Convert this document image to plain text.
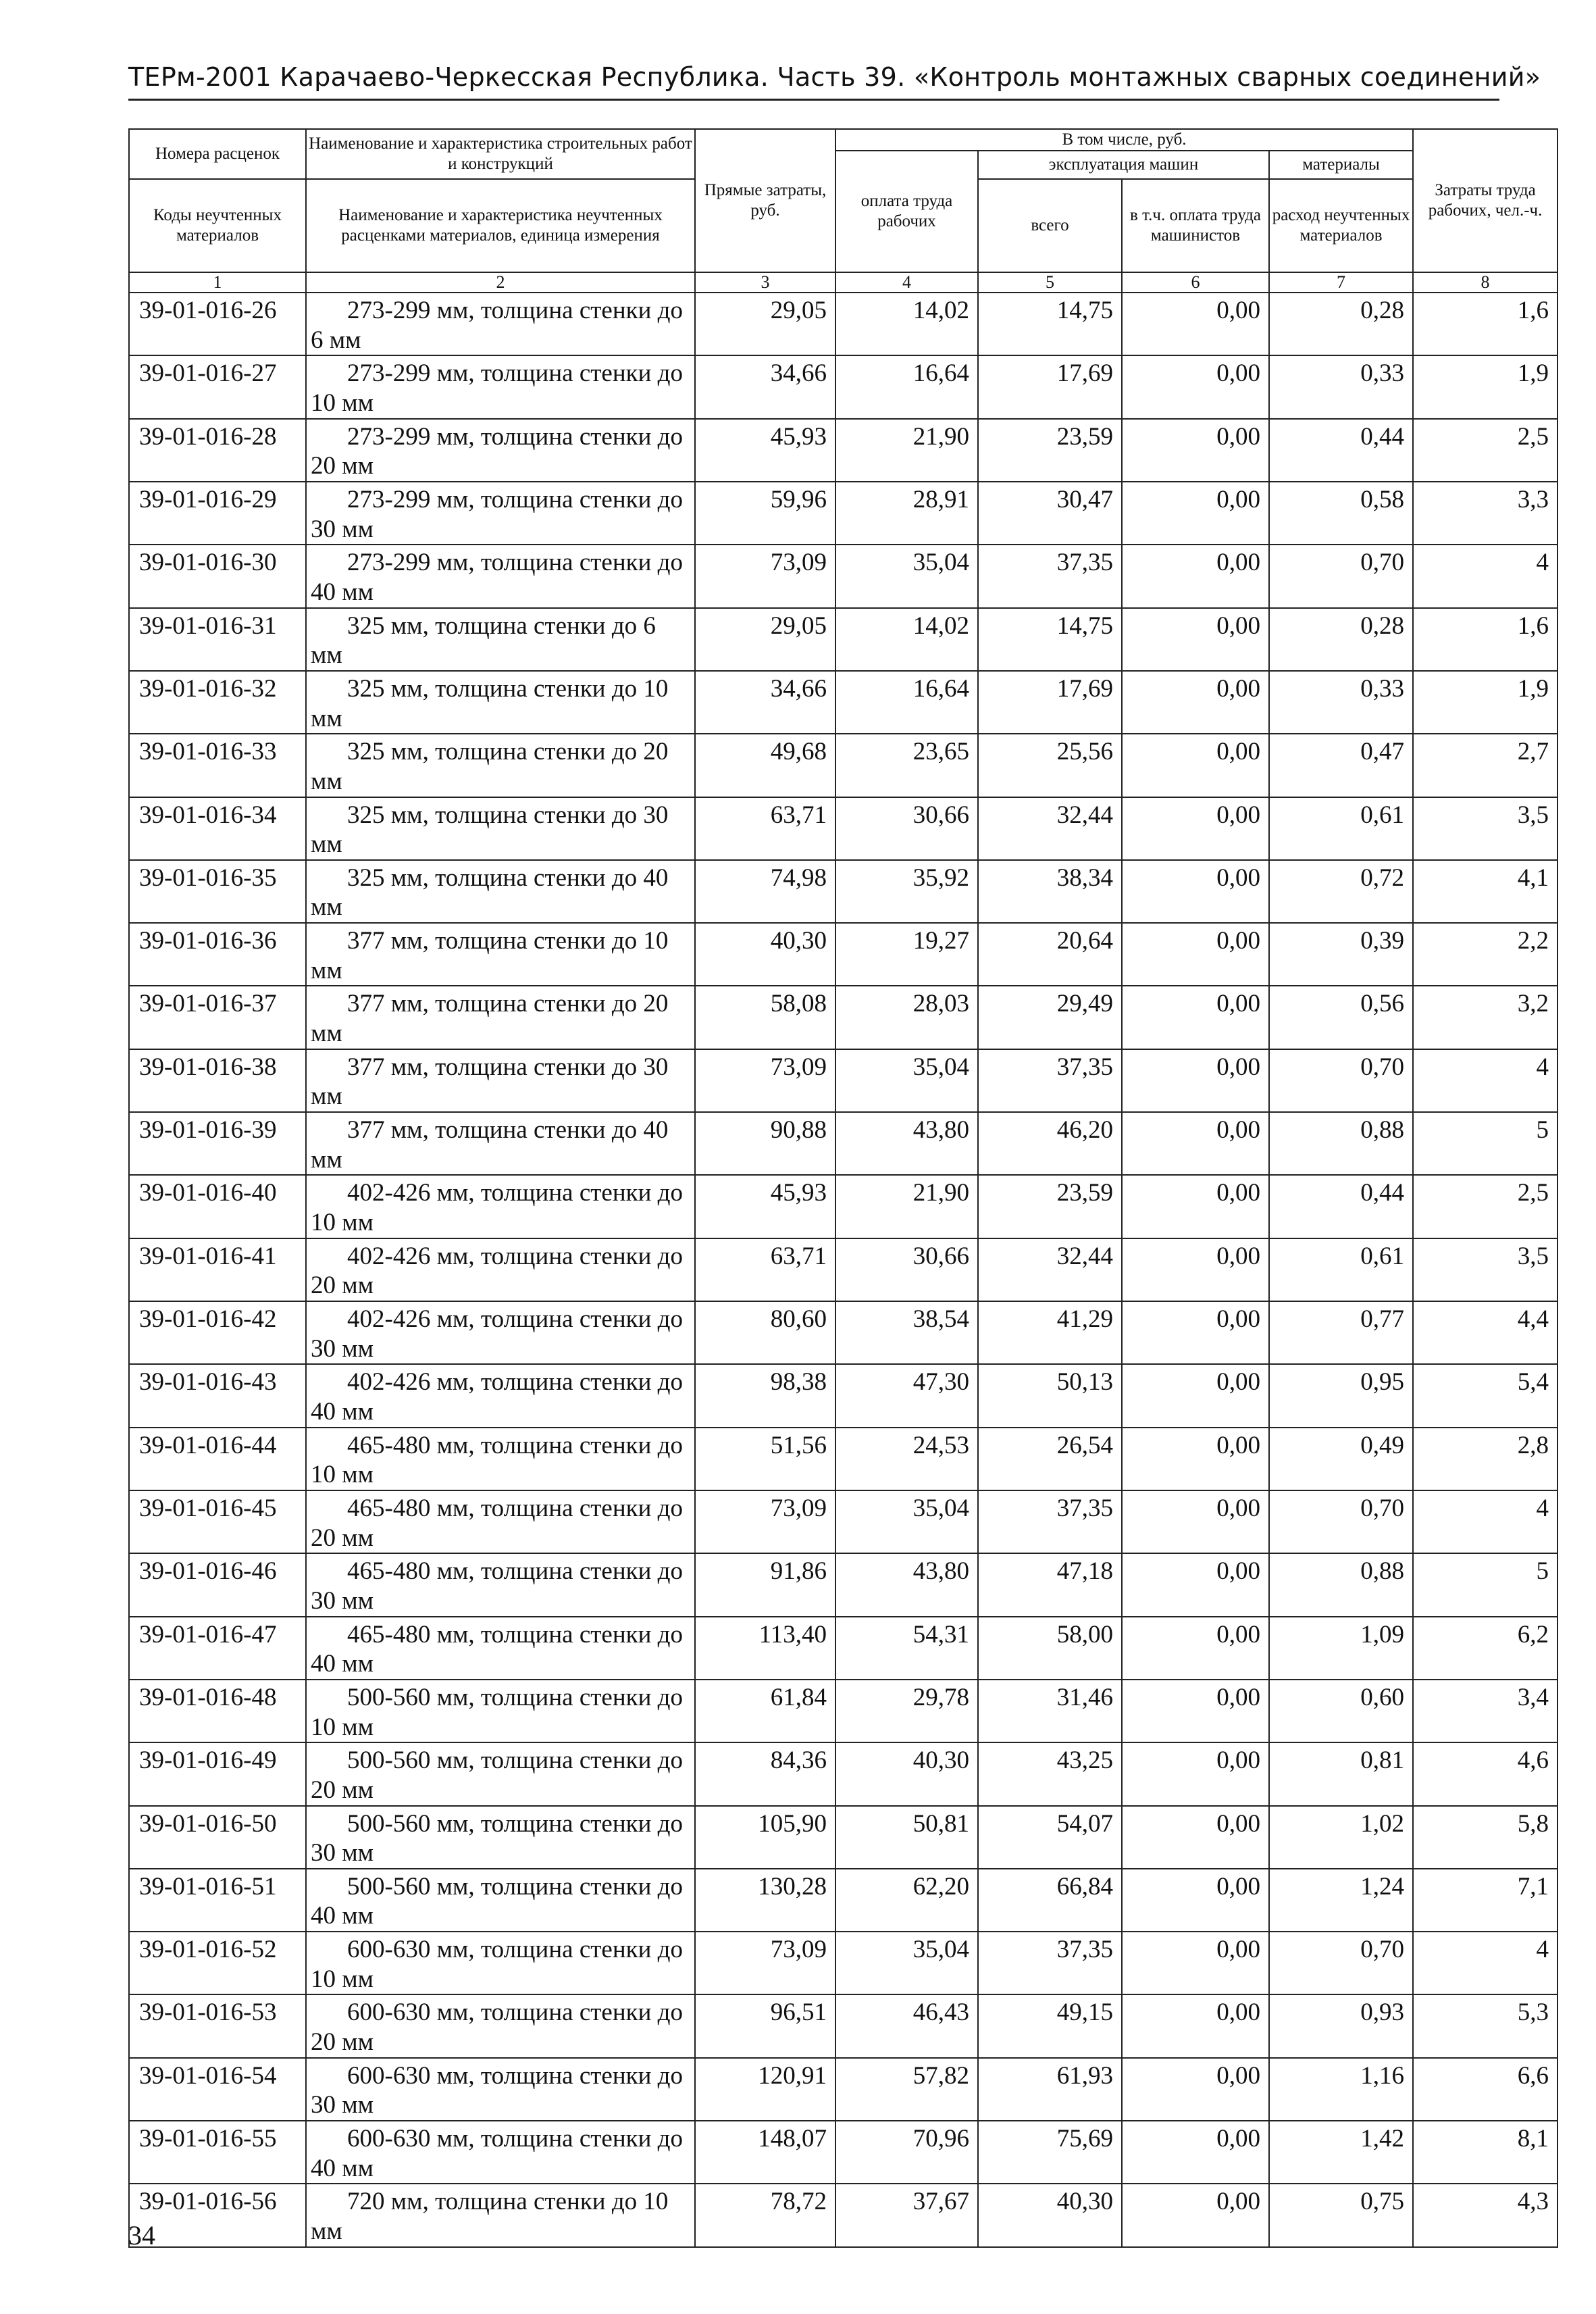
ТЕРм-2001 Карачаево-Черкесская Республика. Часть 39. «Контроль монтажных сварных соединений»
Номера расценок	Наименование и характеристика строительных работ и конструкций	Прямые затраты, руб.	В том числе, руб.				Затраты труда рабочих, чел.-ч.
			оплата труда рабочих	эксплуатация машин		материалы	
Коды неучтенных материалов	Наименование и характеристика неучтенных расценками материалов, единица измерения			всего	в т.ч. оплата труда машинистов	расход неучтенных материалов	

1	2	3	4	5	6	7	8
39-01-016-26	273-299 мм, толщина стенки до 6 мм	29,05	14,02	14,75	0,00	0,28	1,6
39-01-016-27	273-299 мм, толщина стенки до 10 мм	34,66	16,64	17,69	0,00	0,33	1,9
39-01-016-28	273-299 мм, толщина стенки до 20 мм	45,93	21,90	23,59	0,00	0,44	2,5
39-01-016-29	273-299 мм, толщина стенки до 30 мм	59,96	28,91	30,47	0,00	0,58	3,3
39-01-016-30	273-299 мм, толщина стенки до 40 мм	73,09	35,04	37,35	0,00	0,70	4
39-01-016-31	325 мм, толщина стенки до 6 мм	29,05	14,02	14,75	0,00	0,28	1,6
39-01-016-32	325 мм, толщина стенки до 10 мм	34,66	16,64	17,69	0,00	0,33	1,9
39-01-016-33	325 мм, толщина стенки до 20 мм	49,68	23,65	25,56	0,00	0,47	2,7
39-01-016-34	325 мм, толщина стенки до 30 мм	63,71	30,66	32,44	0,00	0,61	3,5
39-01-016-35	325 мм, толщина стенки до 40 мм	74,98	35,92	38,34	0,00	0,72	4,1
39-01-016-36	377 мм, толщина стенки до 10 мм	40,30	19,27	20,64	0,00	0,39	2,2
39-01-016-37	377 мм, толщина стенки до 20 мм	58,08	28,03	29,49	0,00	0,56	3,2
39-01-016-38	377 мм, толщина стенки до 30 мм	73,09	35,04	37,35	0,00	0,70	4
39-01-016-39	377 мм, толщина стенки до 40 мм	90,88	43,80	46,20	0,00	0,88	5
39-01-016-40	402-426 мм, толщина стенки до 10 мм	45,93	21,90	23,59	0,00	0,44	2,5
39-01-016-41	402-426 мм, толщина стенки до 20 мм	63,71	30,66	32,44	0,00	0,61	3,5
39-01-016-42	402-426 мм, толщина стенки до 30 мм	80,60	38,54	41,29	0,00	0,77	4,4
39-01-016-43	402-426 мм, толщина стенки до 40 мм	98,38	47,30	50,13	0,00	0,95	5,4
39-01-016-44	465-480 мм, толщина стенки до 10 мм	51,56	24,53	26,54	0,00	0,49	2,8
39-01-016-45	465-480 мм, толщина стенки до 20 мм	73,09	35,04	37,35	0,00	0,70	4
39-01-016-46	465-480 мм, толщина стенки до 30 мм	91,86	43,80	47,18	0,00	0,88	5
39-01-016-47	465-480 мм, толщина стенки до 40 мм	113,40	54,31	58,00	0,00	1,09	6,2
39-01-016-48	500-560 мм, толщина стенки до 10 мм	61,84	29,78	31,46	0,00	0,60	3,4
39-01-016-49	500-560 мм, толщина стенки до 20 мм	84,36	40,30	43,25	0,00	0,81	4,6
39-01-016-50	500-560 мм, толщина стенки до 30 мм	105,90	50,81	54,07	0,00	1,02	5,8
39-01-016-51	500-560 мм, толщина стенки до 40 мм	130,28	62,20	66,84	0,00	1,24	7,1
39-01-016-52	600-630 мм, толщина стенки до 10 мм	73,09	35,04	37,35	0,00	0,70	4
39-01-016-53	600-630 мм, толщина стенки до 20 мм	96,51	46,43	49,15	0,00	0,93	5,3
39-01-016-54	600-630 мм, толщина стенки до 30 мм	120,91	57,82	61,93	0,00	1,16	6,6
39-01-016-55	600-630 мм, толщина стенки до 40 мм	148,07	70,96	75,69	0,00	1,42	8,1
39-01-016-56	720 мм, толщина стенки до 10 мм	78,72	37,67	40,30	0,00	0,75	4,3
34
